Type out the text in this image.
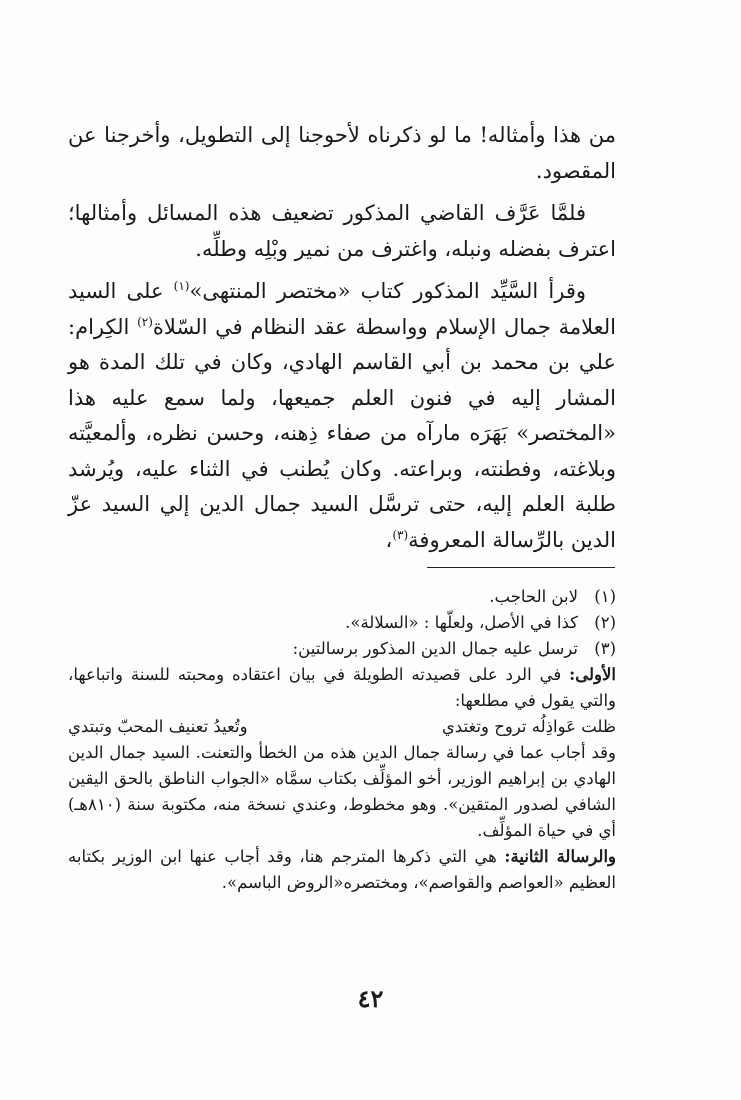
من هذا وأمثاله! ما لو ذكرناه لأحوجنا إلى التطويل، وأخرجنا عن المقصود.

فلمَّا عَرَّف القاضي المذكور تضعيف هذه المسائل وأمثالها؛ اعترف بفضله ونبله، واغترف من نمير وبْلِه وطلِّه.

وقرأ السَّيِّد المذكور كتاب «مختصر المنتهى»$^{(١)}$ على السيد العلامة جمال الإسلام وواسطة عقد النظام في السّلاة$^{(٢)}$ الكِرام: علي بن محمد بن أبي القاسم الهادي، وكان في تلك المدة هو المشار إليه في فنون العلم جميعها، ولما سمع عليه هذا «المختصر» بَهَرَه مارآه من صفاء ذِهنه، وحسن نظره، وألمعيَّته وبلاغته، وفطنته، وبراعته. وكان يُطنب في الثناء عليه، ويُرشد طلبة العلم إليه، حتى ترسَّل السيد جمال الدين إلي السيد عزّ الدين بالرِّسالة المعروفة$^{(٣)}$،

(١)
لابن الحاجب.
(٢)
كذا في الأصل، ولعلّها : «السلالة».
(٣)
ترسل عليه جمال الدين المذكور برسالتين:
الأولى: في الرد على قصيدته الطويلة في بيان اعتقاده ومحبته للسنة واتباعها، والتي يقول في مطلعها:
ظلت عَواذِلُه تروح وتغتدي
وتُعيدُ تعنيف المحبّ وتبتدي
وقد أجاب عما في رسالة جمال الدين هذه من الخطأ والتعنت. السيد جمال الدين الهادي بن إبراهيم الوزير، أخو المؤلِّف بكتاب سمَّاه «الجواب الناطق بالحق اليقين الشافي لصدور المتقين». وهو مخطوط، وعندي نسخة منه، مكتوبة سنة (٨١٠هـ) أي في حياة المؤلِّف.
والرسالة الثانية: هي التي ذكرها المترجم هنا، وقد أجاب عنها ابن الوزير بكتابه العظيم «العواصم والقواصم»، ومختصره«الروض الباسم».
٤٢
